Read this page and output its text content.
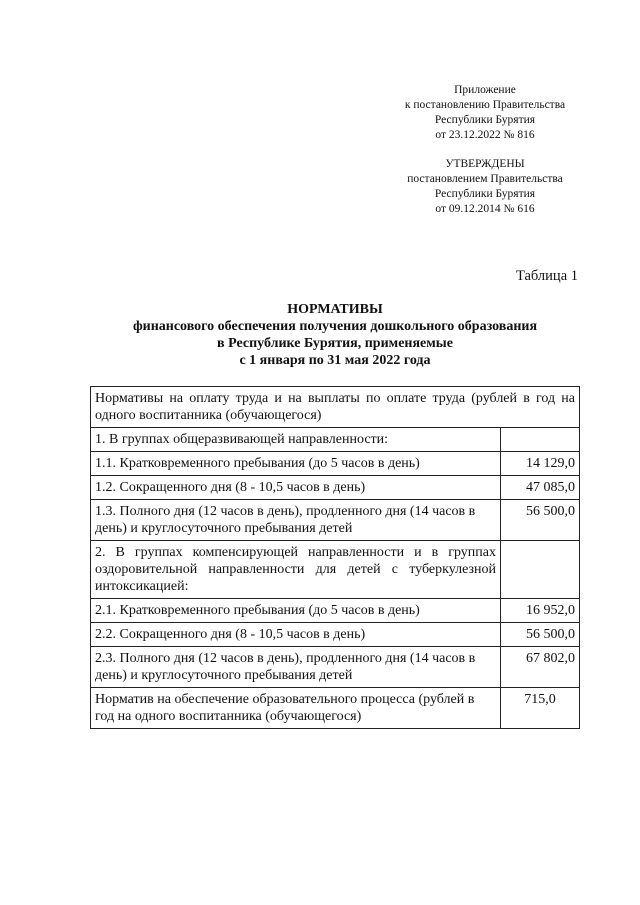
Приложение
к постановлению Правительства
Республики Бурятия
от 23.12.2022 № 816
УТВЕРЖДЕНЫ
постановлением Правительства
Республики Бурятия
от 09.12.2014 № 616
Таблица 1
НОРМАТИВЫ
финансового обеспечения получения дошкольного образования
в Республике Бурятия, применяемые
с 1 января по 31 мая 2022 года
Нормативы на оплату труда и на выплаты по оплате труда (рублей в год на одного воспитанника (обучающегося)	
1. В группах общеразвивающей направленности:	
1.1. Кратковременного пребывания (до 5 часов в день)	14 129,0
1.2. Сокращенного дня (8 - 10,5 часов в день)	47 085,0
1.3. Полного дня (12 часов в день), продленного дня (14 часов в день) и круглосуточного пребывания детей	56 500,0
2. В группах компенсирующей направленности и в группах оздоровительной направленности для детей с туберкулезной интоксикацией:	
2.1. Кратковременного пребывания (до 5 часов в день)	16 952,0
2.2. Сокращенного дня (8 - 10,5 часов в день)	56 500,0
2.3. Полного дня (12 часов в день), продленного дня (14 часов в день) и круглосуточного пребывания детей	67 802,0
Норматив на обеспечение образовательного процесса (рублей в год на одного воспитанника (обучающегося)	715,0
